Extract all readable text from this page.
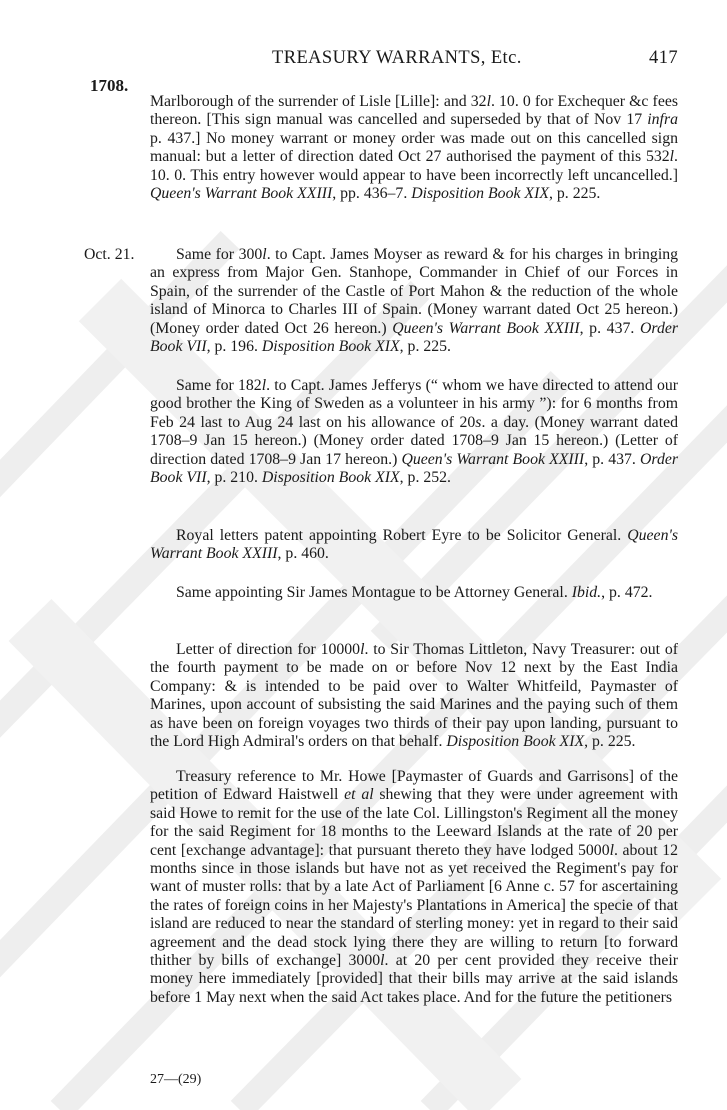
TREASURY WARRANTS, Etc.	417
1708.

Marlborough of the surrender of Lisle [Lille]: and 32l. 10. 0 for Exchequer &c fees thereon. [This sign manual was cancelled and superseded by that of Nov 17 infra p. 437.] No money warrant or money order was made out on this cancelled sign manual: but a letter of direction dated Oct 27 authorised the payment of this 532l. 10. 0. This entry however would appear to have been incorrectly left uncancelled.] Queen's Warrant Book XXIII, pp. 436–7. Disposition Book XIX, p. 225.

Oct. 21.	Same for 300l. to Capt. James Moyser as reward & for his charges in bringing an express from Major Gen. Stanhope, Commander in Chief of our Forces in Spain, of the surrender of the Castle of Port Mahon & the reduction of the whole island of Minorca to Charles III of Spain. (Money warrant dated Oct 25 hereon.) (Money order dated Oct 26 hereon.) Queen's Warrant Book XXIII, p. 437. Order Book VII, p. 196. Disposition Book XIX, p. 225.

Same for 182l. to Capt. James Jefferys (“ whom we have directed to attend our good brother the King of Sweden as a volunteer in his army ”): for 6 months from Feb 24 last to Aug 24 last on his allowance of 20s. a day. (Money warrant dated 1708–9 Jan 15 hereon.) (Money order dated 1708–9 Jan 15 hereon.) (Letter of direction dated 1708–9 Jan 17 hereon.) Queen's Warrant Book XXIII, p. 437. Order Book VII, p. 210. Disposition Book XIX, p. 252.

Royal letters patent appointing Robert Eyre to be Solicitor General. Queen's Warrant Book XXIII, p. 460.

Same appointing Sir James Montague to be Attorney General. Ibid., p. 472.

Letter of direction for 10000l. to Sir Thomas Littleton, Navy Treasurer: out of the fourth payment to be made on or before Nov 12 next by the East India Company: & is intended to be paid over to Walter Whitfeild, Paymaster of Marines, upon account of subsisting the said Marines and the paying such of them as have been on foreign voyages two thirds of their pay upon landing, pursuant to the Lord High Admiral's orders on that behalf. Disposition Book XIX, p. 225.

Treasury reference to Mr. Howe [Paymaster of Guards and Garrisons] of the petition of Edward Haistwell et al shewing that they were under agreement with said Howe to remit for the use of the late Col. Lillingston's Regiment all the money for the said Regiment for 18 months to the Leeward Islands at the rate of 20 per cent [exchange advantage]: that pursuant thereto they have lodged 5000l. about 12 months since in those islands but have not as yet received the Regiment's pay for want of muster rolls: that by a late Act of Parliament [6 Anne c. 57 for ascertaining the rates of foreign coins in her Majesty's Plantations in America] the specie of that island are reduced to near the standard of sterling money: yet in regard to their said agreement and the dead stock lying there they are willing to return [to forward thither by bills of exchange] 3000l. at 20 per cent provided they receive their money here immediately [provided] that their bills may arrive at the said islands before 1 May next when the said Act takes place. And for the future the petitioners

27—(29)
